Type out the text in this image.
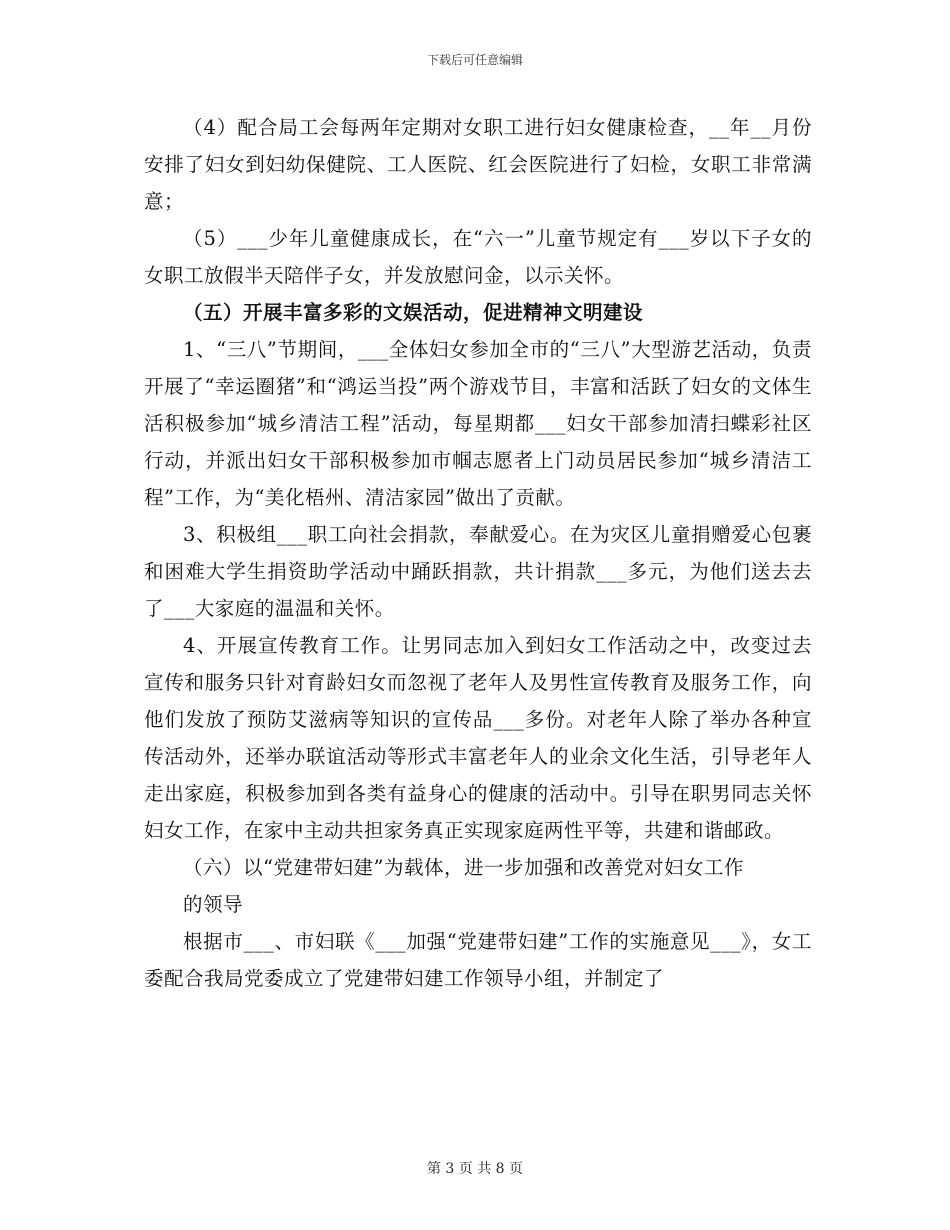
下载后可任意编辑

（4）配合局工会每两年定期对女职工进行妇女健康检查，__年__月份安排了妇女到妇幼保健院、工人医院、红会医院进行了妇检，女职工非常满意；

（5）___少年儿童健康成长，在“六一”儿童节规定有___岁以下子女的女职工放假半天陪伴子女，并发放慰问金，以示关怀。

（五）开展丰富多彩的文娱活动，促进精神文明建设

1、“三八”节期间，___全体妇女参加全市的“三八”大型游艺活动，负责开展了“幸运圈猪”和“鸿运当投”两个游戏节目，丰富和活跃了妇女的文体生活积极参加“城乡清洁工程”活动，每星期都___妇女干部参加清扫蝶彩社区行动，并派出妇女干部积极参加市帼志愿者上门动员居民参加“城乡清洁工程”工作，为“美化梧州、清洁家园”做出了贡献。

3、积极组___职工向社会捐款，奉献爱心。在为灾区儿童捐赠爱心包裹和困难大学生捐资助学活动中踊跃捐款，共计捐款___多元，为他们送去去了___大家庭的温温和关怀。

4、开展宣传教育工作。让男同志加入到妇女工作活动之中，改变过去宣传和服务只针对育龄妇女而忽视了老年人及男性宣传教育及服务工作，向他们发放了预防艾滋病等知识的宣传品___多份。对老年人除了举办各种宣传活动外，还举办联谊活动等形式丰富老年人的业余文化生活，引导老年人走出家庭，积极参加到各类有益身心的健康的活动中。引导在职男同志关怀妇女工作，在家中主动共担家务真正实现家庭两性平等，共建和谐邮政。

（六）以“党建带妇建”为载体，进一步加强和改善党对妇女工作

的领导

根据市___、市妇联《___加强“党建带妇建”工作的实施意见___》，女工委配合我局党委成立了党建带妇建工作领导小组，并制定了

第 3 页 共 8 页
